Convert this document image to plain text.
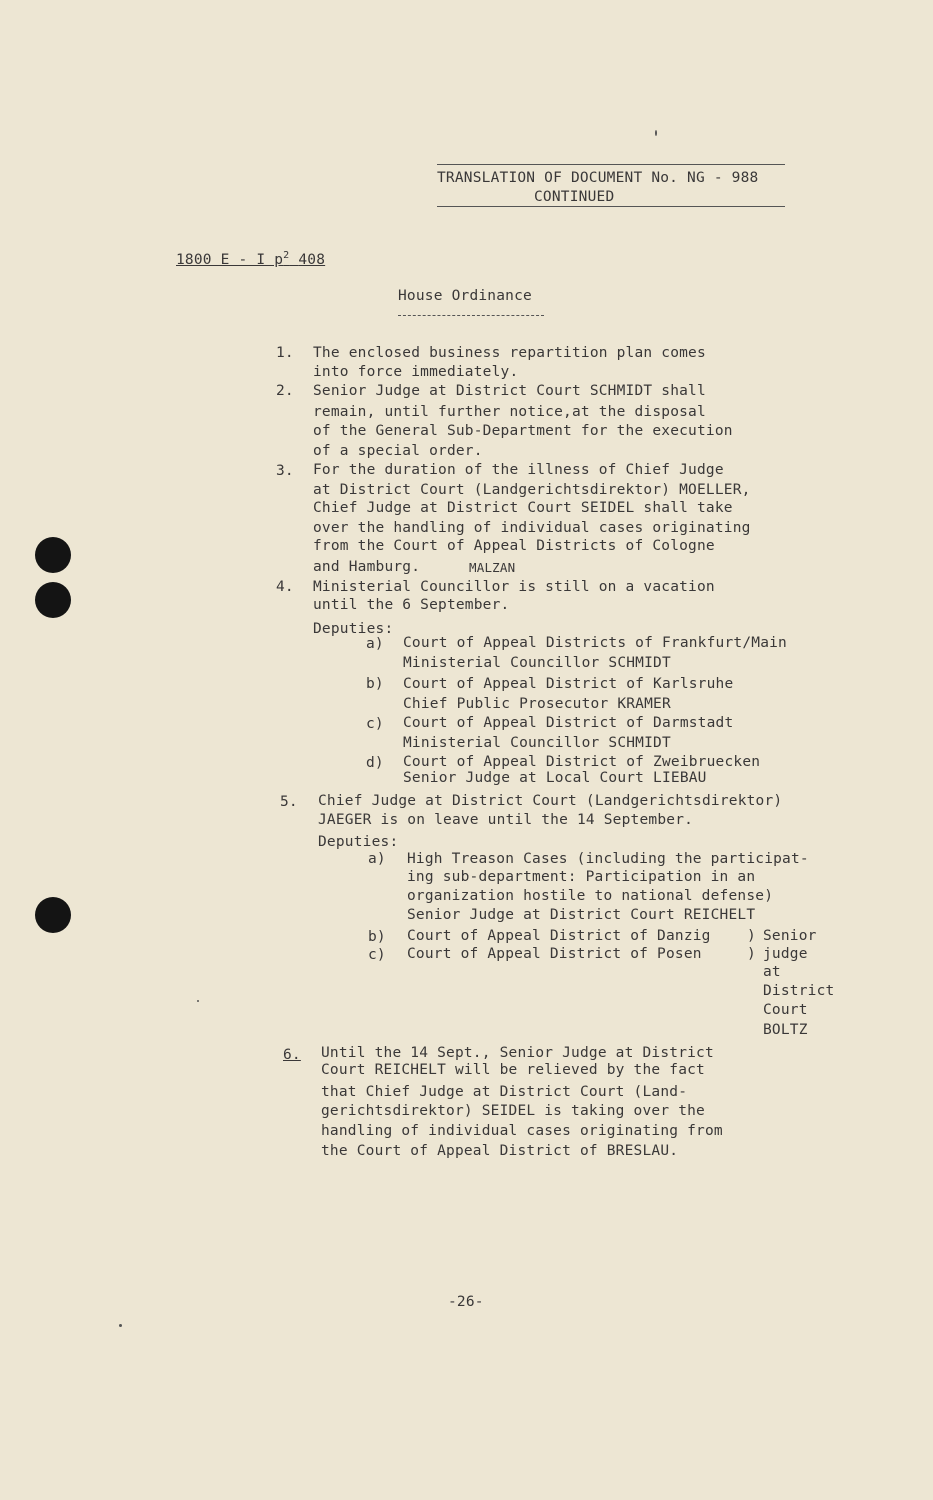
TRANSLATION OF DOCUMENT No. NG - 988
CONTINUED
1800 E - I $p^2$ 408
House Ordinance
1. The enclosed business repartition plan comes
into force immediately.
2. Senior Judge at District Court SCHMIDT shall
remain, until further notice,at the disposal
of the General Sub-Department for the execution
of a special order.
3. For the duration of the illness of Chief Judge
at District Court (Landgerichtsdirektor) MOELLER,
Chief Judge at District Court SEIDEL shall take
over the handling of individual cases originating
from the Court of Appeal Districts of Cologne
and Hamburg.	MALZAN
4. Ministerial Councillor is still on a vacation
until the 6 September.
Deputies:
a) Court of Appeal Districts of Frankfurt/Main
Ministerial Councillor SCHMIDT
b) Court of Appeal District of Karlsruhe
Chief Public Prosecutor KRAMER
c) Court of Appeal District of Darmstadt
Ministerial Councillor SCHMIDT
d) Court of Appeal District of Zweibruecken
Senior Judge at Local Court LIEBAU
5. Chief Judge at District Court (Landgerichtsdirektor)
JAEGER is on leave until the 14 September.
Deputies:
a) High Treason Cases (including the participat-
ing sub-department: Participation in an
organization hostile to national defense)
Senior Judge at District Court REICHELT
b) Court of Appeal District of Danzig
c) Court of Appeal District of Posen
)
)
Senior
judge
at
District
Court
BOLTZ
6. Until the 14 Sept., Senior Judge at District
Court REICHELT will be relieved by the fact
that Chief Judge at District Court (Land-
gerichtsdirektor) SEIDEL is taking over the
handling of individual cases originating from
the Court of Appeal District of BRESLAU.
-26-
